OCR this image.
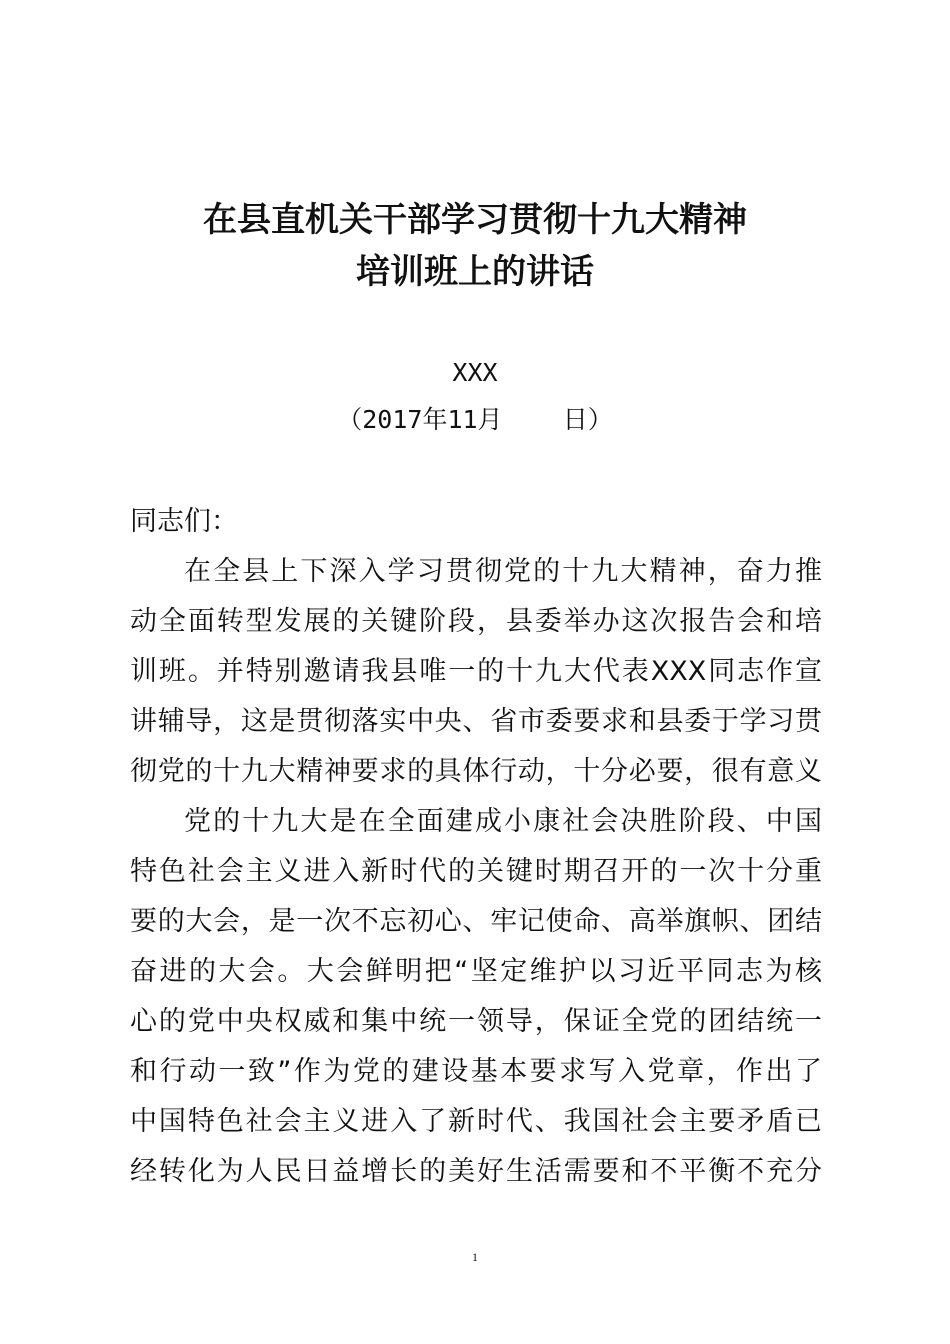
在县直机关干部学习贯彻十九大精神
培训班上的讲话
XXX
（2017年11月    日）
同志们：
在全县上下深入学习贯彻党的十九大精神，奋力推
动全面转型发展的关键阶段，县委举办这次报告会和培
训班。并特别邀请我县唯一的十九大代表XXX同志作宣
讲辅导，这是贯彻落实中央、省市委要求和县委于学习贯
彻党的十九大精神要求的具体行动，十分必要，很有意义
党的十九大是在全面建成小康社会决胜阶段、中国
特色社会主义进入新时代的关键时期召开的一次十分重
要的大会，是一次不忘初心、牢记使命、高举旗帜、团结
奋进的大会。大会鲜明把“坚定维护以习近平同志为核
心的党中央权威和集中统一领导，保证全党的团结统一
和行动一致”作为党的建设基本要求写入党章，作出了
中国特色社会主义进入了新时代、我国社会主要矛盾已
经转化为人民日益增长的美好生活需要和不平衡不充分
1
